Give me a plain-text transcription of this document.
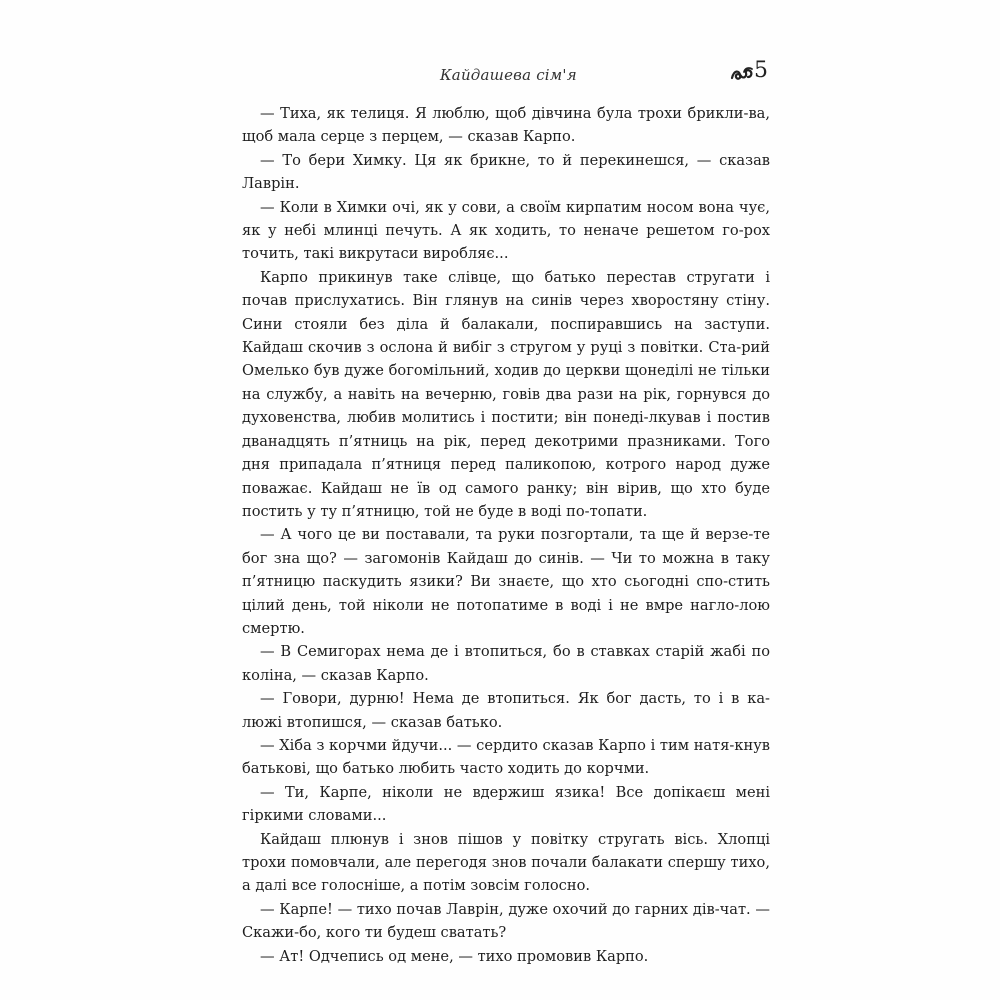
Кайдашева сім'я	5

— Тиха, як телиця. Я люблю, щоб дівчина була трохи брикли-ва, щоб мала серце з перцем, — сказав Карпо.

— То бери Химку. Ця як брикне, то й перекинешся, — сказав Лаврін.

— Коли в Химки очі, як у сови, а своїм кирпатим носом вона чує, як у небі млинці печуть. А як ходить, то неначе решетом го-рох точить, такі викрутаси виробляє...

Карпо прикинув таке слівце, що батько перестав стругати і почав прислухатись. Він глянув на синів через хворостяну стіну. Сини стояли без діла й балакали, поспиравшись на заступи. Кайдаш скочив з ослона й вибіг з стругом у руці з повітки. Ста-рий Омелько був дуже богомільний, ходив до церкви щонеділі не тільки на службу, а навіть на вечерню, говів два рази на рік, горнувся до духовенства, любив молитись і постити; він понеді-лкував і постив дванадцять п’ятниць на рік, перед декотрими празниками. Того дня припадала п’ятниця перед паликопою, котрого народ дуже поважає. Кайдаш не їв од самого ранку; він вірив, що хто буде постить у ту п’ятницю, той не буде в воді по-топати.

— А чого це ви поставали, та руки позгортали, та ще й верзе-те бог зна що? — загомонів Кайдаш до синів. — Чи то можна в таку п’ятницю паскудить язики? Ви знаєте, що хто сьогодні спо-стить цілий день, той ніколи не потопатиме в воді і не вмре нагло-лою смертю.

— В Семигорах нема де і втопиться, бо в ставках старій жабі по коліна, — сказав Карпо.

— Говори, дурню! Нема де втопиться. Як бог дасть, то і в ка-люжі втопишся, — сказав батько.

— Хіба з корчми йдучи... — сердито сказав Карпо і тим натя-кнув батькові, що батько любить часто ходить до корчми.

— Ти, Карпе, ніколи не вдержиш язика! Все допікаєш мені гіркими словами...

Кайдаш плюнув і знов пішов у повітку стругать вісь. Хлопці трохи помовчали, але перегодя знов почали балакати спершу тихо, а далі все голосніше, а потім зовсім голосно.

— Карпе! — тихо почав Лаврін, дуже охочий до гарних дів-чат. — Скажи-бо, кого ти будеш сватать?

— Ат! Одчепись од мене, — тихо промовив Карпо.
